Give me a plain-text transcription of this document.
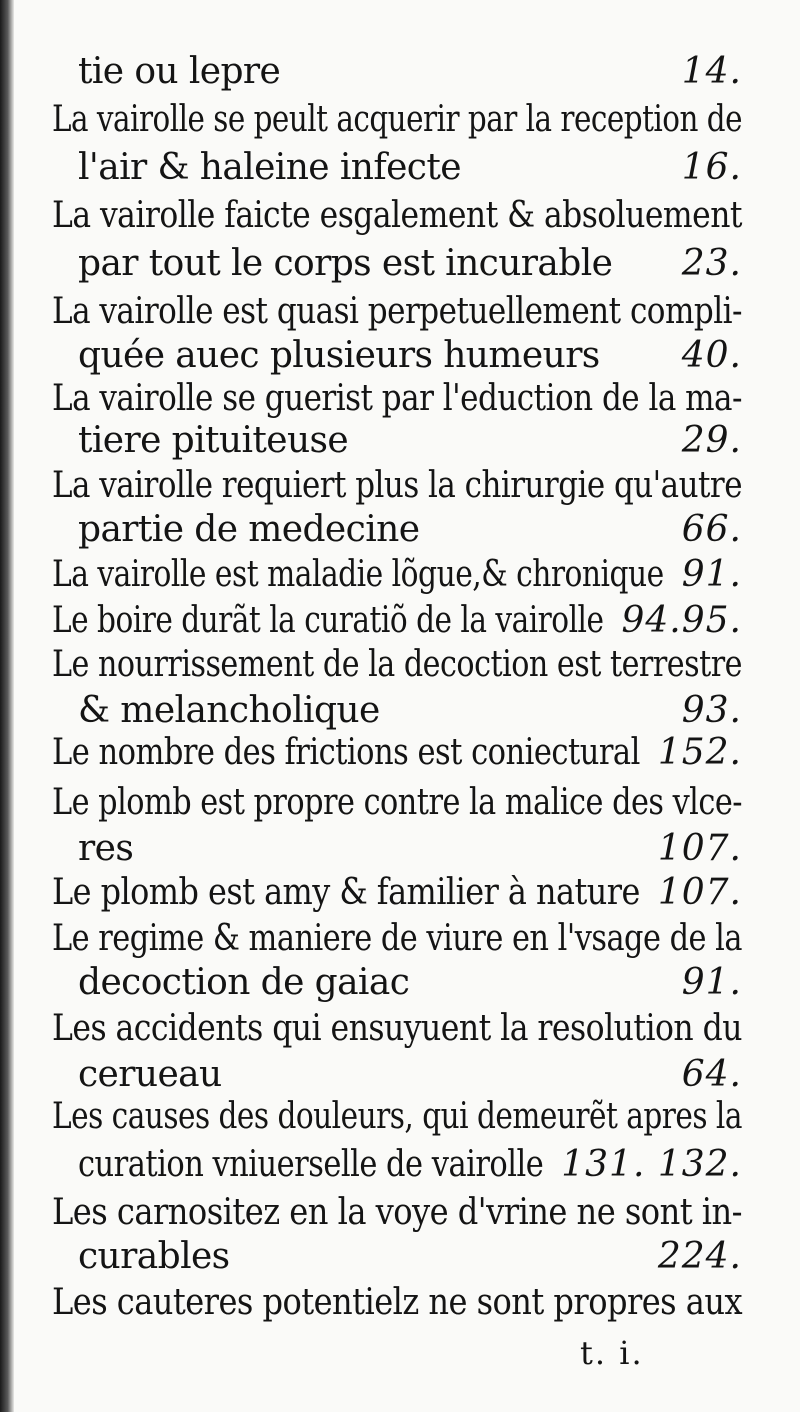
tie ou lepre	14.
La vairolle se peult acquerir par la reception de
l'air & haleine infecte	16.
La vairolle faicte esgalement & absoluement
par tout le corps est incurable 23.
La vairolle est quasi perpetuellement compli-
quée auec plusieurs humeurs 40.
La vairolle se guerist par l'eduction de la ma-
tiere pituiteuse	29.
La vairolle requiert plus la chirurgie qu'autre
partie de medecine	66.
La vairolle est maladie lõgue,& chronique 91.
Le boire durãt la curatiõ de la vairolle 94.95.
Le nourrissement de la decoction est terrestre
& melancholique	93.
Le nombre des frictions est coniectural 152.
Le plomb est propre contre la malice des vlce-
res	107.
Le plomb est amy & familier à nature 107.
Le regime & maniere de viure en l'vsage de la
decoction de gaiac	91.
Les accidents qui ensuyuent la resolution du
cerueau	64.
Les causes des douleurs, qui demeurẽt apres la
curation vniuerselle de vairolle 131. 132.
Les carnositez en la voye d'vrine ne sont in-
curables	224.
Les cauteres potentielz ne sont propres aux
t. i.
